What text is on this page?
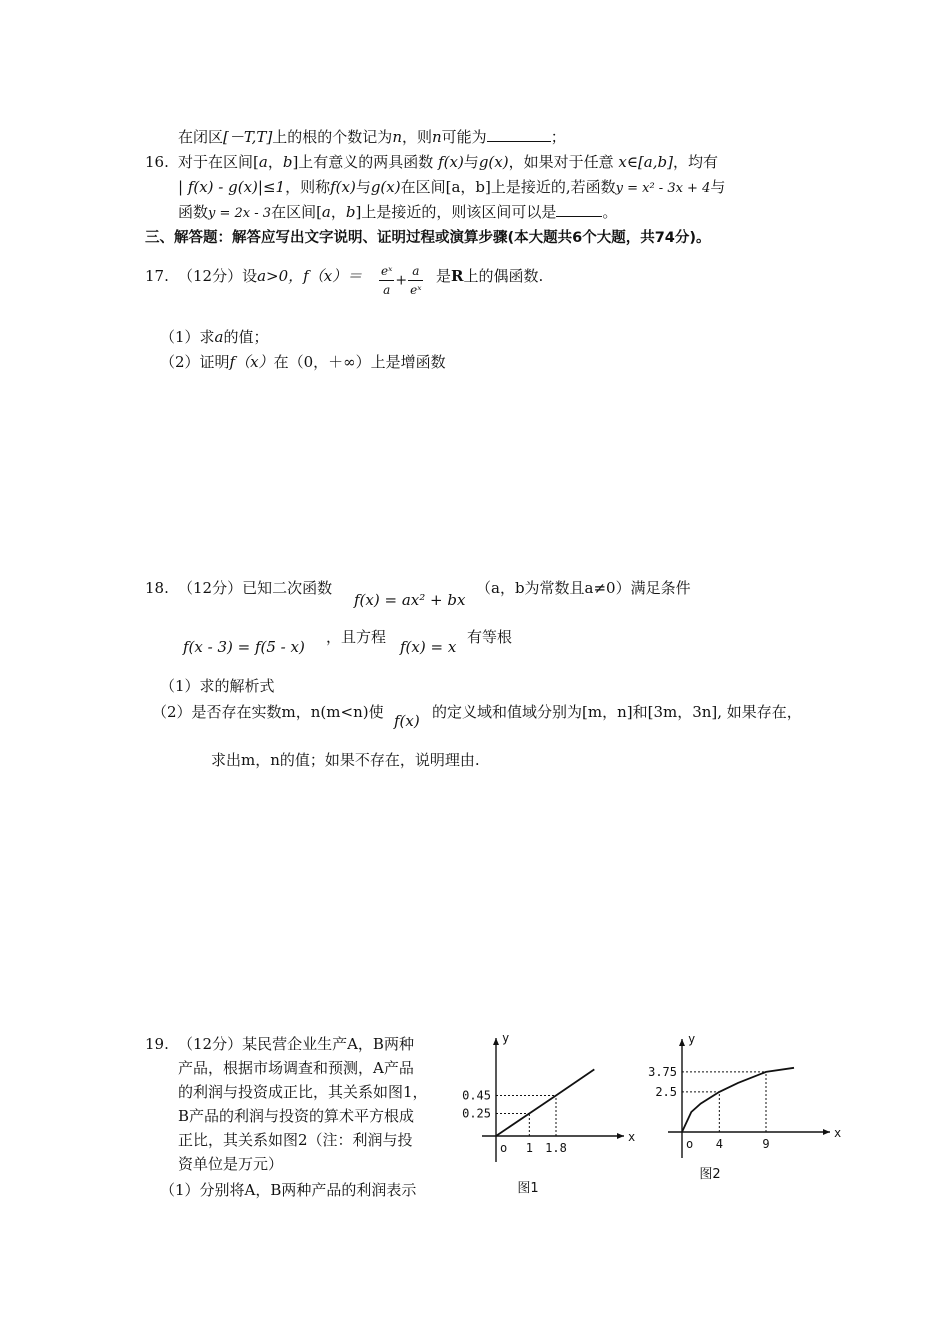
在闭区[－T,T]上的根的个数记为n，则n可能为	；
16. 对于在区间[a，b]上有意义的两具函数 f(x)与g(x)，如果对于任意 x∈[a,b]，均有
| f(x) - g(x)|≤1，则称f(x)与g(x)在区间[a，b]上是接近的,若函数y = x² - 3x + 4与
函数y = 2x - 3在区间[a，b]上是接近的，则该区间可以是	。
三、解答题：解答应写出文字说明、证明过程或演算步骤(本大题共6个大题，共74分)。
17. （12分）设a>0，$f(x)= \frac{\text{eˣ}}{a} + \frac{a}{\text{eˣ}}$ 是R上的偶函数.
（1）求a的值；
（2）证明f（x）在（0，＋∞）上是增函数
18. （12分）已知二次函数
f(x) = ax² + bx
（a，b为常数且a≠0）满足条件
f(x - 3) = f(5 - x)
，且方程
f(x) = x
有等根
（1）求的解析式
（2）是否存在实数m，n(m<n)使 f(x) 的定义域和值域分别为[m，n]和[3m，3n], 如果存在，
求出m，n的值；如果不存在，说明理由.
19. （12分）某民营企业生产A，B两种
产品，根据市场调查和预测，A产品
的利润与投资成正比，其关系如图1，
B产品的利润与投资的算术平方根成
正比，其关系如图2（注：利润与投
资单位是万元）
（1）分别将A，B两种产品的利润表示
x
y
o 1
0.25
1.8
0.45
图1
x
y
o 4
2.5
9
3.75
图2
